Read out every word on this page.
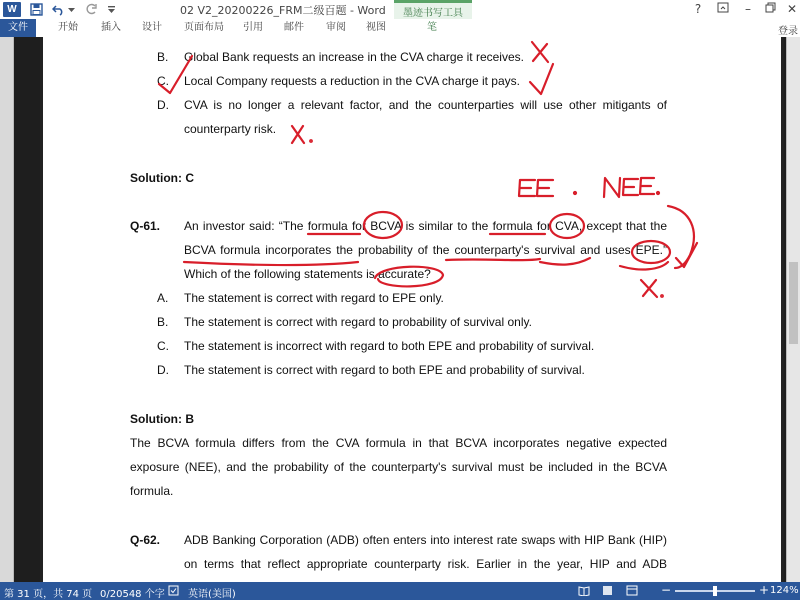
W	02 V2_20200226_FRM二级百题 - Word	?	–	✕
墨迹书写工具
文件	开始	插入	设计	页面布局	引用	邮件	审阅	视图	笔	登录
B. Global Bank requests an increase in the CVA charge it receives.
C. Local Company requests a reduction in the CVA charge it pays.
D. CVA is no longer a relevant factor, and the counterparties will use other mitigants of
counterparty risk.
Solution: C
Q-61. An investor said: “The formula for BCVA is similar to the formula for CVA, except that the
BCVA formula incorporates the probability of the counterparty's survival and uses EPE.”
Which of the following statements is accurate?
A. The statement is correct with regard to EPE only.
B. The statement is correct with regard to probability of survival only.
C. The statement is incorrect with regard to both EPE and probability of survival.
D. The statement is correct with regard to both EPE and probability of survival.
Solution: B
The BCVA formula differs from the CVA formula in that BCVA incorporates negative expected
exposure (NEE), and the probability of the counterparty's survival must be included in the BCVA
formula.
Q-62. ADB Banking Corporation (ADB) often enters into interest rate swaps with HIP Bank (HIP)
on terms that reflect appropriate counterparty risk. Earlier in the year, HIP and ADB
第 31 页，共 74 页 0/20548 个字 英语(美国)	−	+ 124%
